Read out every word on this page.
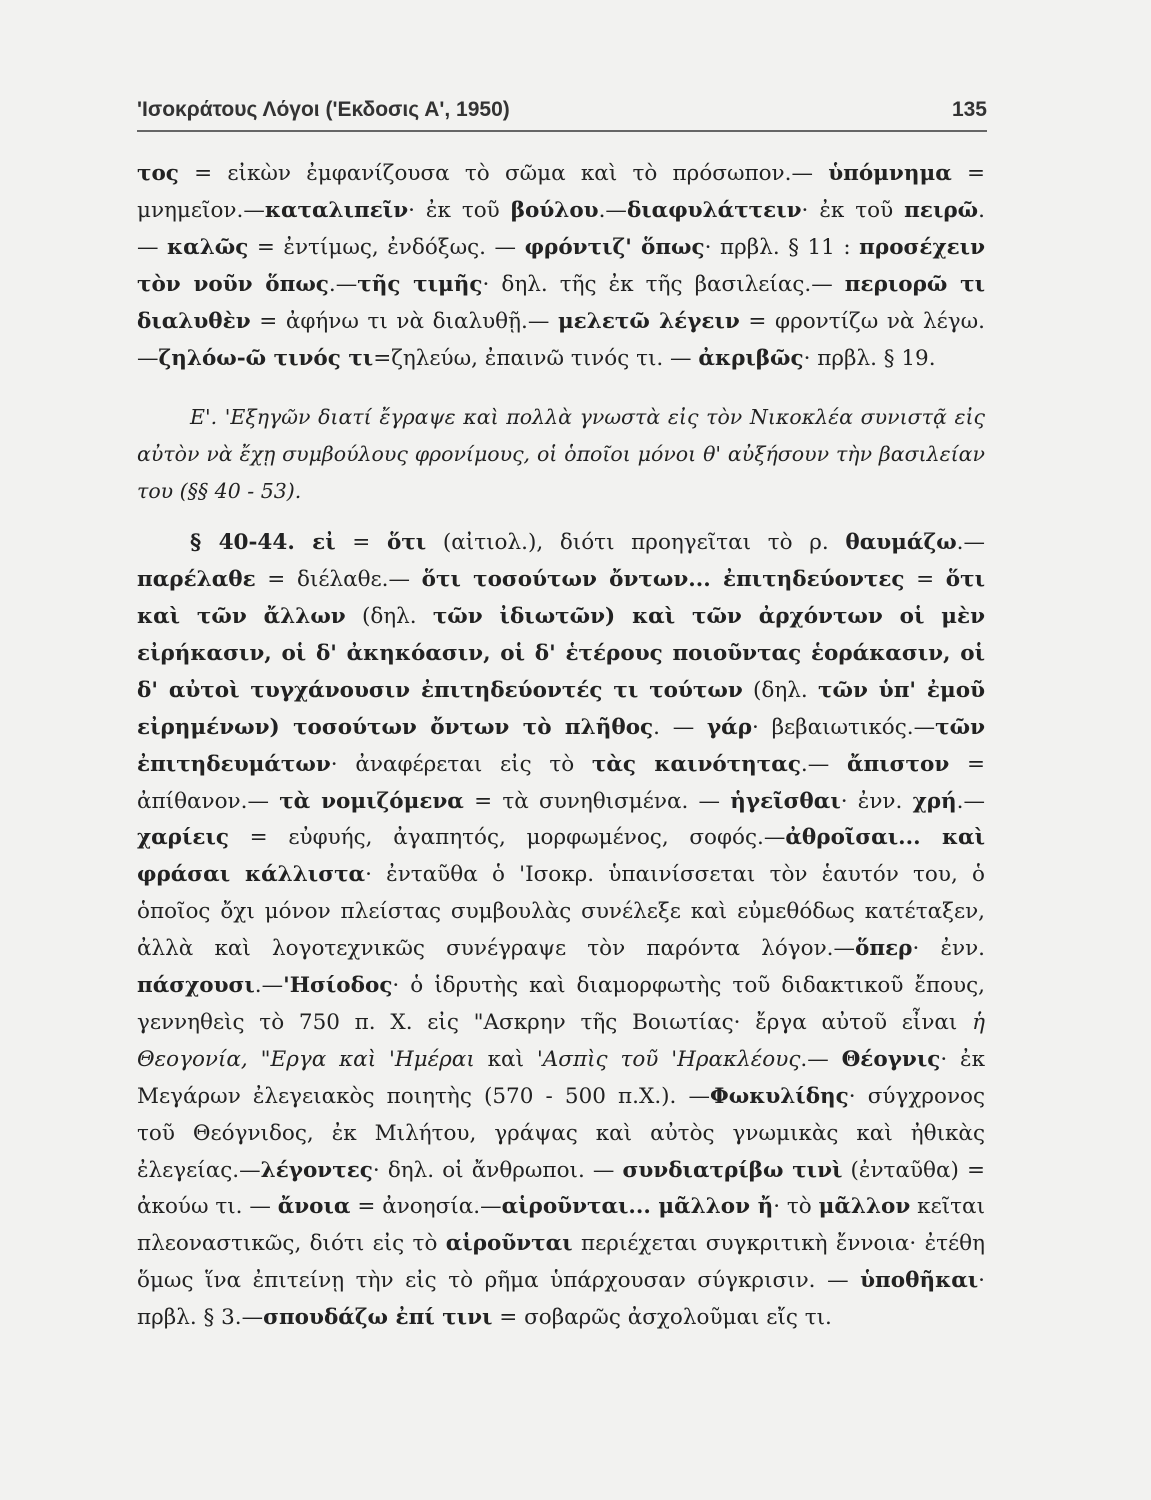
'Ισοκράτους Λόγοι ('Εκδοσις Α', 1950)	135

τος = εἰκὼν ἐμφανίζουσα τὸ σῶμα καὶ τὸ πρόσωπον.— ὑπόμνημα = μνημεῖον.—καταλιπεῖν· ἐκ τοῦ βούλου.—διαφυλάττειν· ἐκ τοῦ πειρῶ. — καλῶς = ἐντίμως, ἐνδόξως. — φρόντιζ' ὅπως· πρβλ. § 11 : προσέχειν τὸν νοῦν ὅπως.—τῆς τιμῆς· δηλ. τῆς ἐκ τῆς βασιλείας.— περιορῶ τι διαλυθὲν = ἀφήνω τι νὰ διαλυθῇ.— μελετῶ λέγειν = φροντίζω νὰ λέγω.—ζηλόω-ῶ τινός τι=ζηλεύω, ἐπαινῶ τινός τι. — ἀκριβῶς· πρβλ. § 19.

Ε'. 'Εξηγῶν διατί ἔγραψε καὶ πολλὰ γνωστὰ εἰς τὸν Νικοκλέα συνιστᾷ εἰς αὐτὸν νὰ ἔχῃ συμβούλους φρονίμους, οἱ ὁποῖοι μόνοι θ' αὐξήσουν τὴν βασιλείαν του (§§ 40 - 53).

§ 40-44. εἰ = ὅτι (αἰτιολ.), διότι προηγεῖται τὸ ρ. θαυμάζω.— παρέλαθε = διέλαθε.— ὅτι τοσούτων ὄντων... ἐπιτηδεύοντες = ὅτι καὶ τῶν ἄλλων (δηλ. τῶν ἰδιωτῶν) καὶ τῶν ἀρχόντων οἱ μὲν εἰρήκασιν, οἱ δ' ἀκηκόασιν, οἱ δ' ἑτέρους ποιοῦντας ἑοράκασιν, οἱ δ' αὐτοὶ τυγχάνουσιν ἐπιτηδεύοντές τι τούτων (δηλ. τῶν ὑπ' ἐμοῦ εἰρημένων) τοσούτων ὄντων τὸ πλῆθος. — γάρ· βεβαιωτικός.—τῶν ἐπιτηδευμάτων· ἀναφέρεται εἰς τὸ τὰς καινότητας.— ἄπιστον = ἀπίθανον.— τὰ νομιζόμενα = τὰ συνηθισμένα. — ἡγεῖσθαι· ἐνν. χρή.— χαρίεις = εὐφυής, ἀγαπητός, μορφωμένος, σοφός.—ἀθροῖσαι... καὶ φράσαι κάλλιστα· ἐνταῦθα ὁ 'Ισοκρ. ὑπαινίσσεται τὸν ἑαυτόν του, ὁ ὁποῖος ὄχι μόνον πλείστας συμβουλὰς συνέλεξε καὶ εὐμεθόδως κατέταξεν, ἀλλὰ καὶ λογοτεχνικῶς συνέγραψε τὸν παρόντα λόγον.—ὅπερ· ἐνν. πάσχουσι.—'Ησίοδος· ὁ ἱδρυτὴς καὶ διαμορφωτὴς τοῦ διδακτικοῦ ἔπους, γεννηθεὶς τὸ 750 π. Χ. εἰς "Ασκρην τῆς Βοιωτίας· ἔργα αὐτοῦ εἶναι ἡ Θεογονία, "Εργα καὶ 'Ημέραι καὶ 'Ασπὶς τοῦ 'Ηρακλέους.— Θέογνις· ἐκ Μεγάρων ἐλεγειακὸς ποιητὴς (570 - 500 π.Χ.). —Φωκυλίδης· σύγχρονος τοῦ Θεόγνιδος, ἐκ Μιλήτου, γράψας καὶ αὐτὸς γνωμικὰς καὶ ἠθικὰς ἐλεγείας.—λέγοντες· δηλ. οἱ ἄνθρωποι. — συνδιατρίβω τινὶ (ἐνταῦθα) = ἀκούω τι. — ἄνοια = ἀνοησία.—αἱροῦνται... μᾶλλον ἤ· τὸ μᾶλλον κεῖται πλεοναστικῶς, διότι εἰς τὸ αἱροῦνται περιέχεται συγκριτικὴ ἔννοια· ἐτέθη ὅμως ἵνα ἐπιτείνῃ τὴν εἰς τὸ ρῆμα ὑπάρχουσαν σύγκρισιν. — ὑποθῆκαι· πρβλ. § 3.—σπουδάζω ἐπί τινι = σοβαρῶς ἀσχολοῦμαι εἴς τι.
